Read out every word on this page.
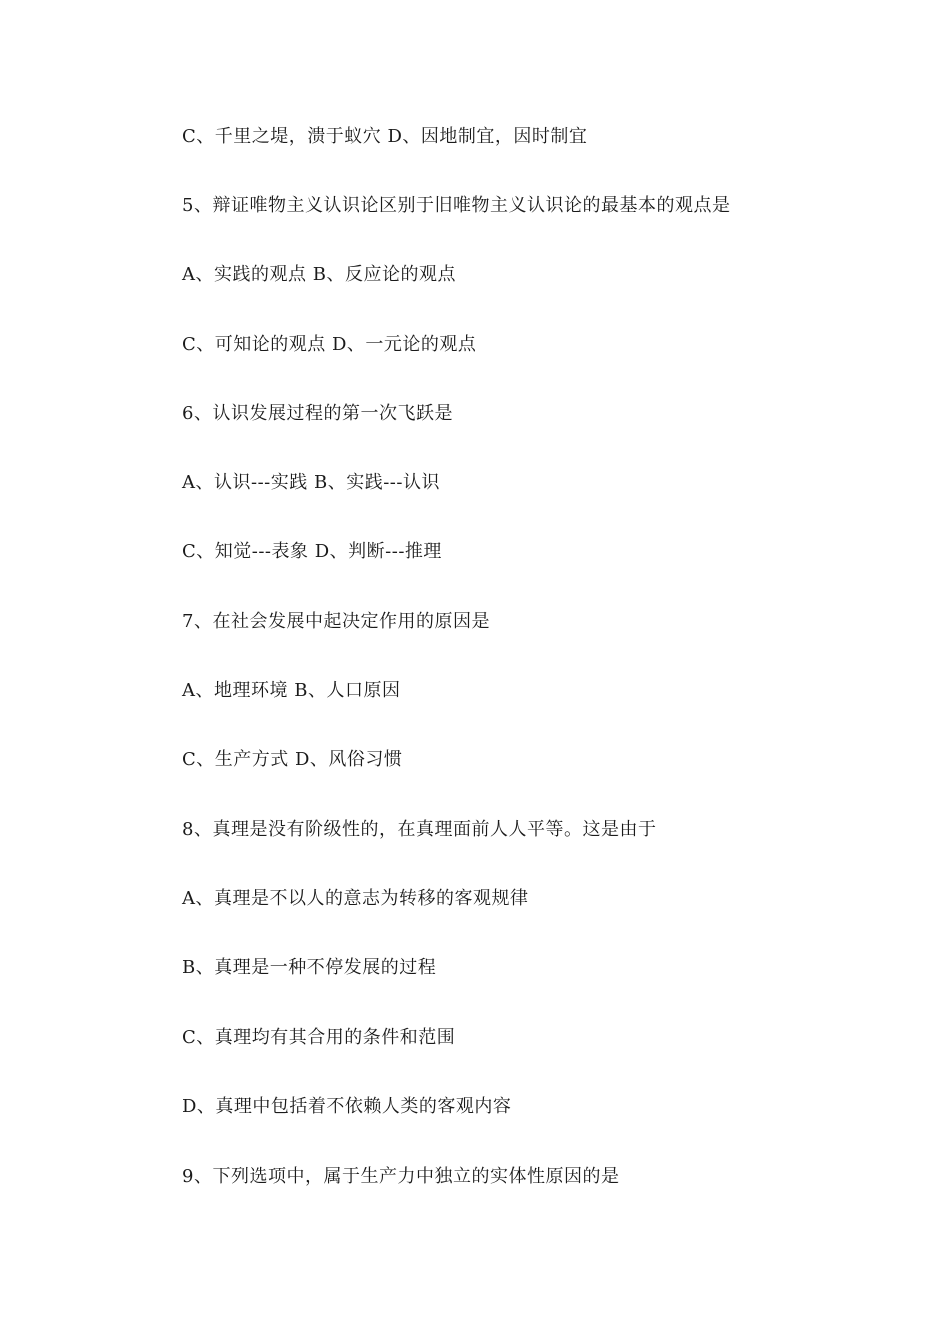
C、千里之堤，溃于蚁穴 D、因地制宜，因时制宜
5、辩证唯物主义认识论区别于旧唯物主义认识论的最基本的观点是
A、实践的观点 B、反应论的观点
C、可知论的观点 D、一元论的观点
6、认识发展过程的第一次飞跃是
A、认识---实践 B、实践---认识
C、知觉---表象 D、判断---推理
7、在社会发展中起决定作用的原因是
A、地理环境 B、人口原因
C、生产方式 D、风俗习惯
8、真理是没有阶级性的，在真理面前人人平等。这是由于
A、真理是不以人的意志为转移的客观规律
B、真理是一种不停发展的过程
C、真理均有其合用的条件和范围
D、真理中包括着不依赖人类的客观内容
9、下列选项中，属于生产力中独立的实体性原因的是
